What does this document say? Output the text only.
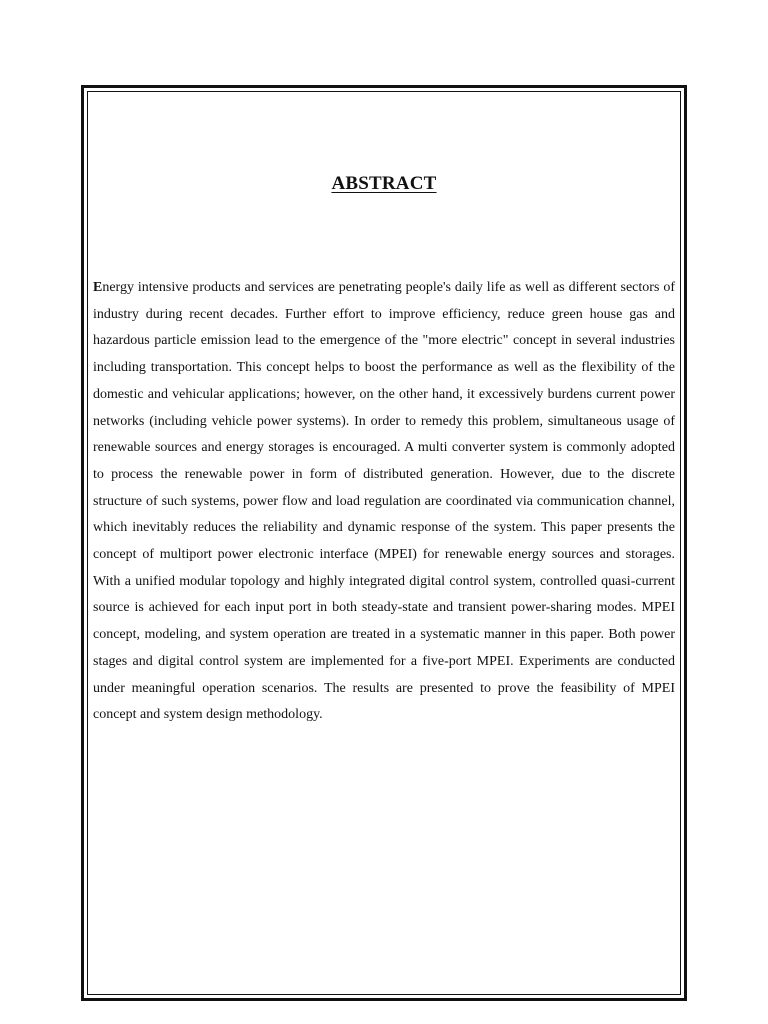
ABSTRACT

Energy intensive products and services are penetrating people's daily life as well as different sectors of industry during recent decades. Further effort to improve efficiency, reduce green house gas and hazardous particle emission lead to the emergence of the "more electric" concept in several industries including transportation. This concept helps to boost the performance as well as the flexibility of the domestic and vehicular applications; however, on the other hand, it excessively burdens current power networks (including vehicle power systems). In order to remedy this problem, simultaneous usage of renewable sources and energy storages is encouraged. A multi converter system is commonly adopted to process the renewable power in form of distributed generation. However, due to the discrete structure of such systems, power flow and load regulation are coordinated via communication channel, which inevitably reduces the reliability and dynamic response of the system. This paper presents the concept of multiport power electronic interface (MPEI) for renewable energy sources and storages. With a unified modular topology and highly integrated digital control system, controlled quasi-current source is achieved for each input port in both steady-state and transient power-sharing modes. MPEI concept, modeling, and system operation are treated in a systematic manner in this paper. Both power stages and digital control system are implemented for a five-port MPEI. Experiments are conducted under meaningful operation scenarios. The results are presented to prove the feasibility of MPEI concept and system design methodology.
